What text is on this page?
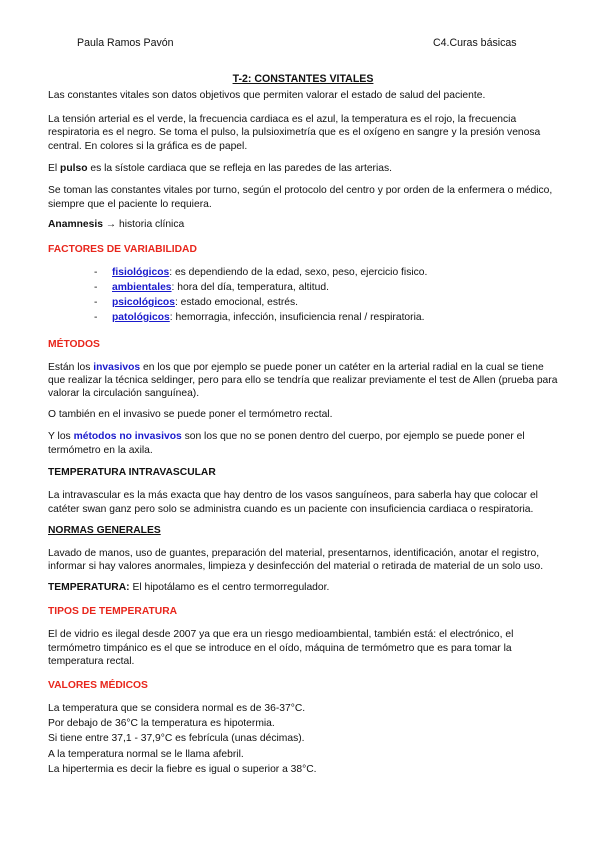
Paula Ramos Pavón	C4.Curas básicas
T-2: CONSTANTES VITALES

Las constantes vitales son datos objetivos que permiten valorar el estado de salud del paciente.

La tensión arterial es el verde, la frecuencia cardiaca es el azul, la temperatura es el rojo, la frecuencia respiratoria es el negro. Se toma el pulso, la pulsioximetría que es el oxígeno en sangre y la presión venosa central. En colores si la gráfica es de papel.

El pulso es la sístole cardiaca que se refleja en las paredes de las arterias.

Se toman las constantes vitales por turno, según el protocolo del centro y por orden de la enfermera o médico, siempre que el paciente lo requiera.

Anamnesis → historia clínica

FACTORES DE VARIABILIDAD
- fisiológicos: es dependiendo de la edad, sexo, peso, ejercicio fisico.
- ambientales: hora del día, temperatura, altitud.
- psicológicos: estado emocional, estrés.
- patológicos: hemorragia, infección, insuficiencia renal / respiratoria.
MÉTODOS

Están los invasivos en los que por ejemplo se puede poner un catéter en la arterial radial en la cual se tiene que realizar la técnica seldinger, pero para ello se tendría que realizar previamente el test de Allen (prueba para valorar la circulación sanguínea).

O también en el invasivo se puede poner el termómetro rectal.

Y los métodos no invasivos son los que no se ponen dentro del cuerpo, por ejemplo se puede poner el termómetro en la axila.

TEMPERATURA INTRAVASCULAR

La intravascular es la más exacta que hay dentro de los vasos sanguíneos, para saberla hay que colocar el catéter swan ganz pero solo se administra cuando es un paciente con insuficiencia cardiaca o respiratoria.

NORMAS GENERALES

Lavado de manos, uso de guantes, preparación del material, presentarnos, identificación, anotar el registro, informar si hay valores anormales, limpieza y desinfección del material o retirada de material de un solo uso.

TEMPERATURA: El hipotálamo es el centro termorregulador.

TIPOS DE TEMPERATURA

El de vidrio es ilegal desde 2007 ya que era un riesgo medioambiental, también está: el electrónico, el termómetro timpánico es el que se introduce en el oído, máquina de termómetro que es para tomar la temperatura rectal.

VALORES MÉDICOS

La temperatura que se considera normal es de 36-37°C.

Por debajo de 36°C la temperatura es hipotermia.

Si tiene entre 37,1 - 37,9°C es febrícula (unas décimas).

A la temperatura normal se le llama afebril.

La hipertermia es decir la fiebre es igual o superior a 38°C.
